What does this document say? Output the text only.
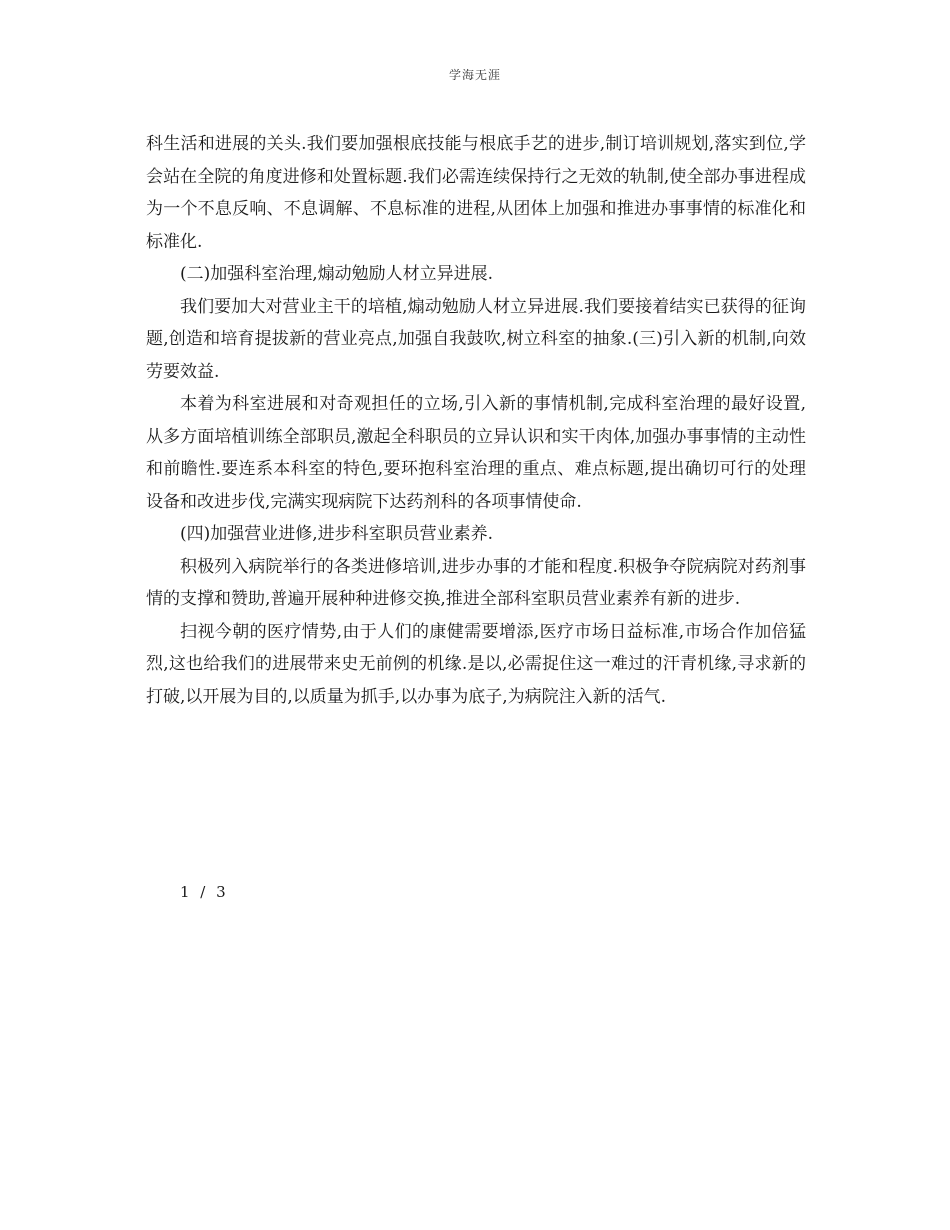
学海无涯

科生活和进展的关头.我们要加强根底技能与根底手艺的进步,制订培训规划,落实到位,学会站在全院的角度进修和处置标题.我们必需连续保持行之无效的轨制,使全部办事进程成为一个不息反响、不息调解、不息标准的进程,从团体上加强和推进办事事情的标准化和标准化.

(二)加强科室治理,煽动勉励人材立异进展.

我们要加大对营业主干的培植,煽动勉励人材立异进展.我们要接着结实已获得的征询题,创造和培育提拔新的营业亮点,加强自我鼓吹,树立科室的抽象.(三)引入新的机制,向效劳要效益.

本着为科室进展和对奇观担任的立场,引入新的事情机制,完成科室治理的最好设置,从多方面培植训练全部职员,激起全科职员的立异认识和实干肉体,加强办事事情的主动性和前瞻性.要连系本科室的特色,要环抱科室治理的重点、难点标题,提出确切可行的处理设备和改进步伐,完满实现病院下达药剂科的各项事情使命.

(四)加强营业进修,进步科室职员营业素养.

积极列入病院举行的各类进修培训,进步办事的才能和程度.积极争夺院病院对药剂事情的支撑和赞助,普遍开展种种进修交换,推进全部科室职员营业素养有新的进步.

扫视今朝的医疗情势,由于人们的康健需要增添,医疗市场日益标准,市场合作加倍猛烈,这也给我们的进展带来史无前例的机缘.是以,必需捉住这一难过的汗青机缘,寻求新的打破,以开展为目的,以质量为抓手,以办事为底子,为病院注入新的活气.

1 / 3
